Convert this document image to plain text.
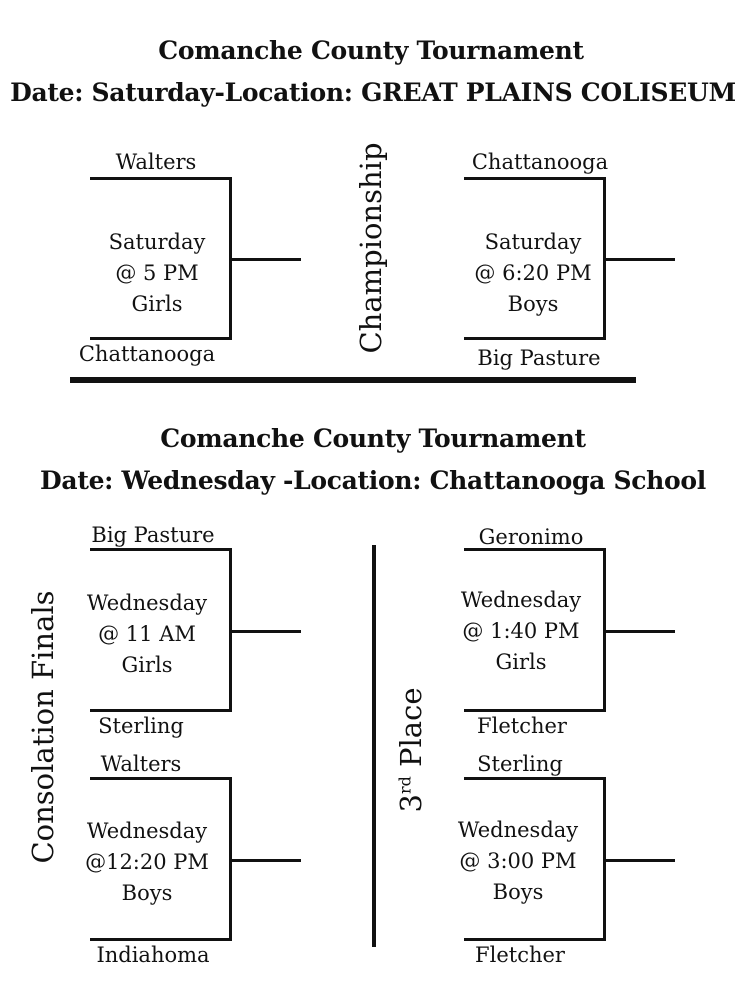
Comanche County Tournament
Date: Saturday-Location: GREAT PLAINS COLISEUM
Walters
Chattanooga
Saturday
@ 5 PM
Girls	Championship	Chattanooga
Big Pasture
Saturday
@ 6:20 PM
Boys
Comanche County Tournament
Date: Wednesday -Location: Chattanooga School
Consolation Finals	3rd Place
Big Pasture
Sterling
Wednesday
@ 11 AM
Girls
Geronimo
Fletcher
Wednesday
@ 1:40 PM
Girls
Walters
Indiahoma
Wednesday
@12:20 PM
Boys
Sterling
Fletcher
Wednesday
@ 3:00 PM
Boys
